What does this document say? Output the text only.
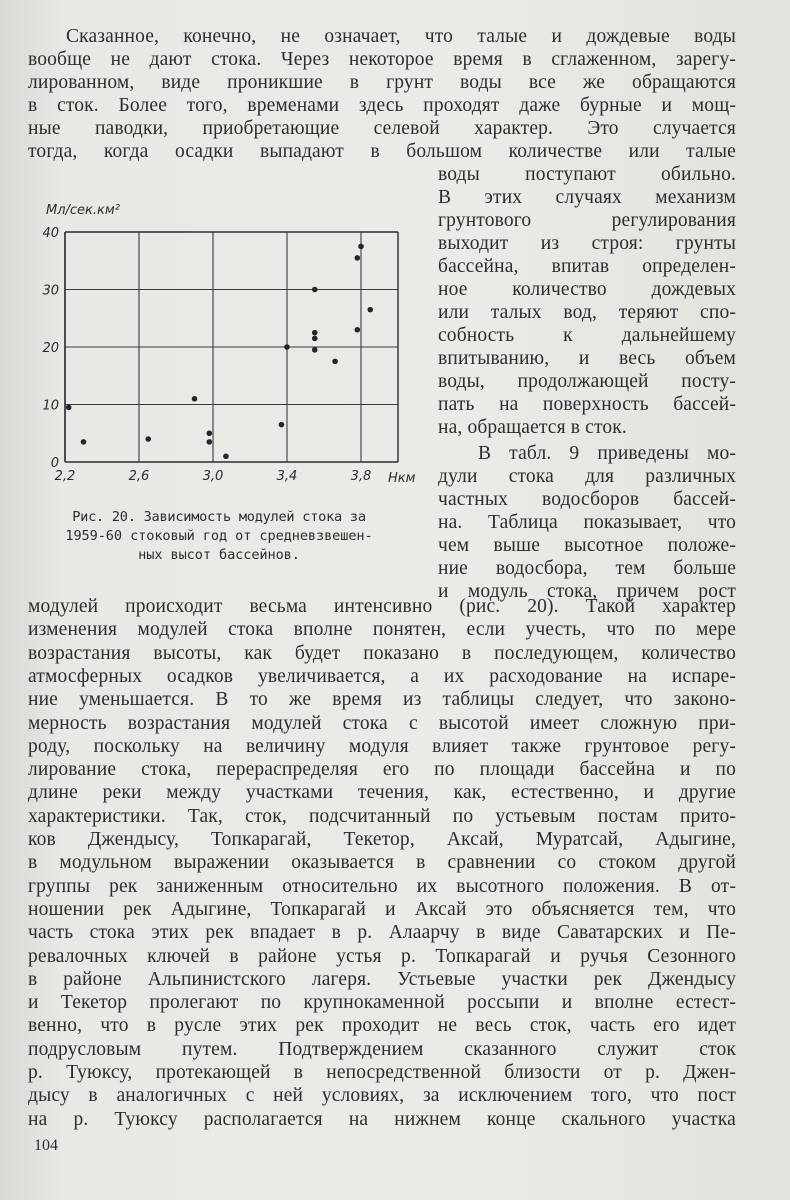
Сказанное, конечно, не означает, что талые и дождевые воды
вообще не дают стока. Через некоторое время в сглаженном, зарегу-
лированном, виде проникшие в грунт воды все же обращаются
в сток. Более того, временами здесь проходят даже бурные и мощ-
ные паводки, приобретающие селевой характер. Это случается
тогда, когда осадки выпадают в большом количестве или талые
воды поступают обильно.
В этих случаях механизм
грунтового регулирования
выходит из строя: грунты
бассейна, впитав определен-
ное количество дождевых
или талых вод, теряют спо-
собность к дальнейшему
впитыванию, и весь объем
воды, продолжающей посту-
пать на поверхность бассей-
на, обращается в сток.
В табл. 9 приведены мо-
дули стока для различных
частных водосборов бассей-
на. Таблица показывает, что
чем выше высотное положе-
ние водосбора, тем больше
и модуль стока, причем рост
модулей происходит весьма интенсивно (рис. 20). Такой характер
изменения модулей стока вполне понятен, если учесть, что по мере
возрастания высоты, как будет показано в последующем, количество
атмосферных осадков увеличивается, а их расходование на испаре-
ние уменьшается. В то же время из таблицы следует, что законо-
мерность возрастания модулей стока с высотой имеет сложную при-
роду, поскольку на величину модуля влияет также грунтовое регу-
лирование стока, перераспределяя его по площади бассейна и по
длине реки между участками течения, как, естественно, и другие
характеристики. Так, сток, подсчитанный по устьевым постам прито-
ков Джендысу, Топкарагай, Текетор, Аксай, Муратсай, Адыгине,
в модульном выражении оказывается в сравнении со стоком другой
группы рек заниженным относительно их высотного положения. В от-
ношении рек Адыгине, Топкарагай и Аксай это объясняется тем, что
часть стока этих рек впадает в р. Алаарчу в виде Саватарских и Пе-
ревалочных ключей в районе устья р. Топкарагай и ручья Сезонного
в районе Альпинистского лагеря. Устьевые участки рек Джендысу
и Текетор пролегают по крупнокаменной россыпи и вполне естест-
венно, что в русле этих рек проходит не весь сток, часть его идет
подрусловым путем. Подтверждением сказанного служит сток
р. Туюксу, протекающей в непосредственной близости от р. Джен-
дысу в аналогичных с ней условиях, за исключением того, что пост
на р. Туюксу располагается на нижнем конце скального участка
2,2	2,6	3,0	3,4	3,8
0
10
20
30
40
Мл/сек.км²
Нкм
Рис. 20. Зависимость модулей стока за
1959-60 стоковый год от средневзвешен-
ных высот бассейнов.
104
